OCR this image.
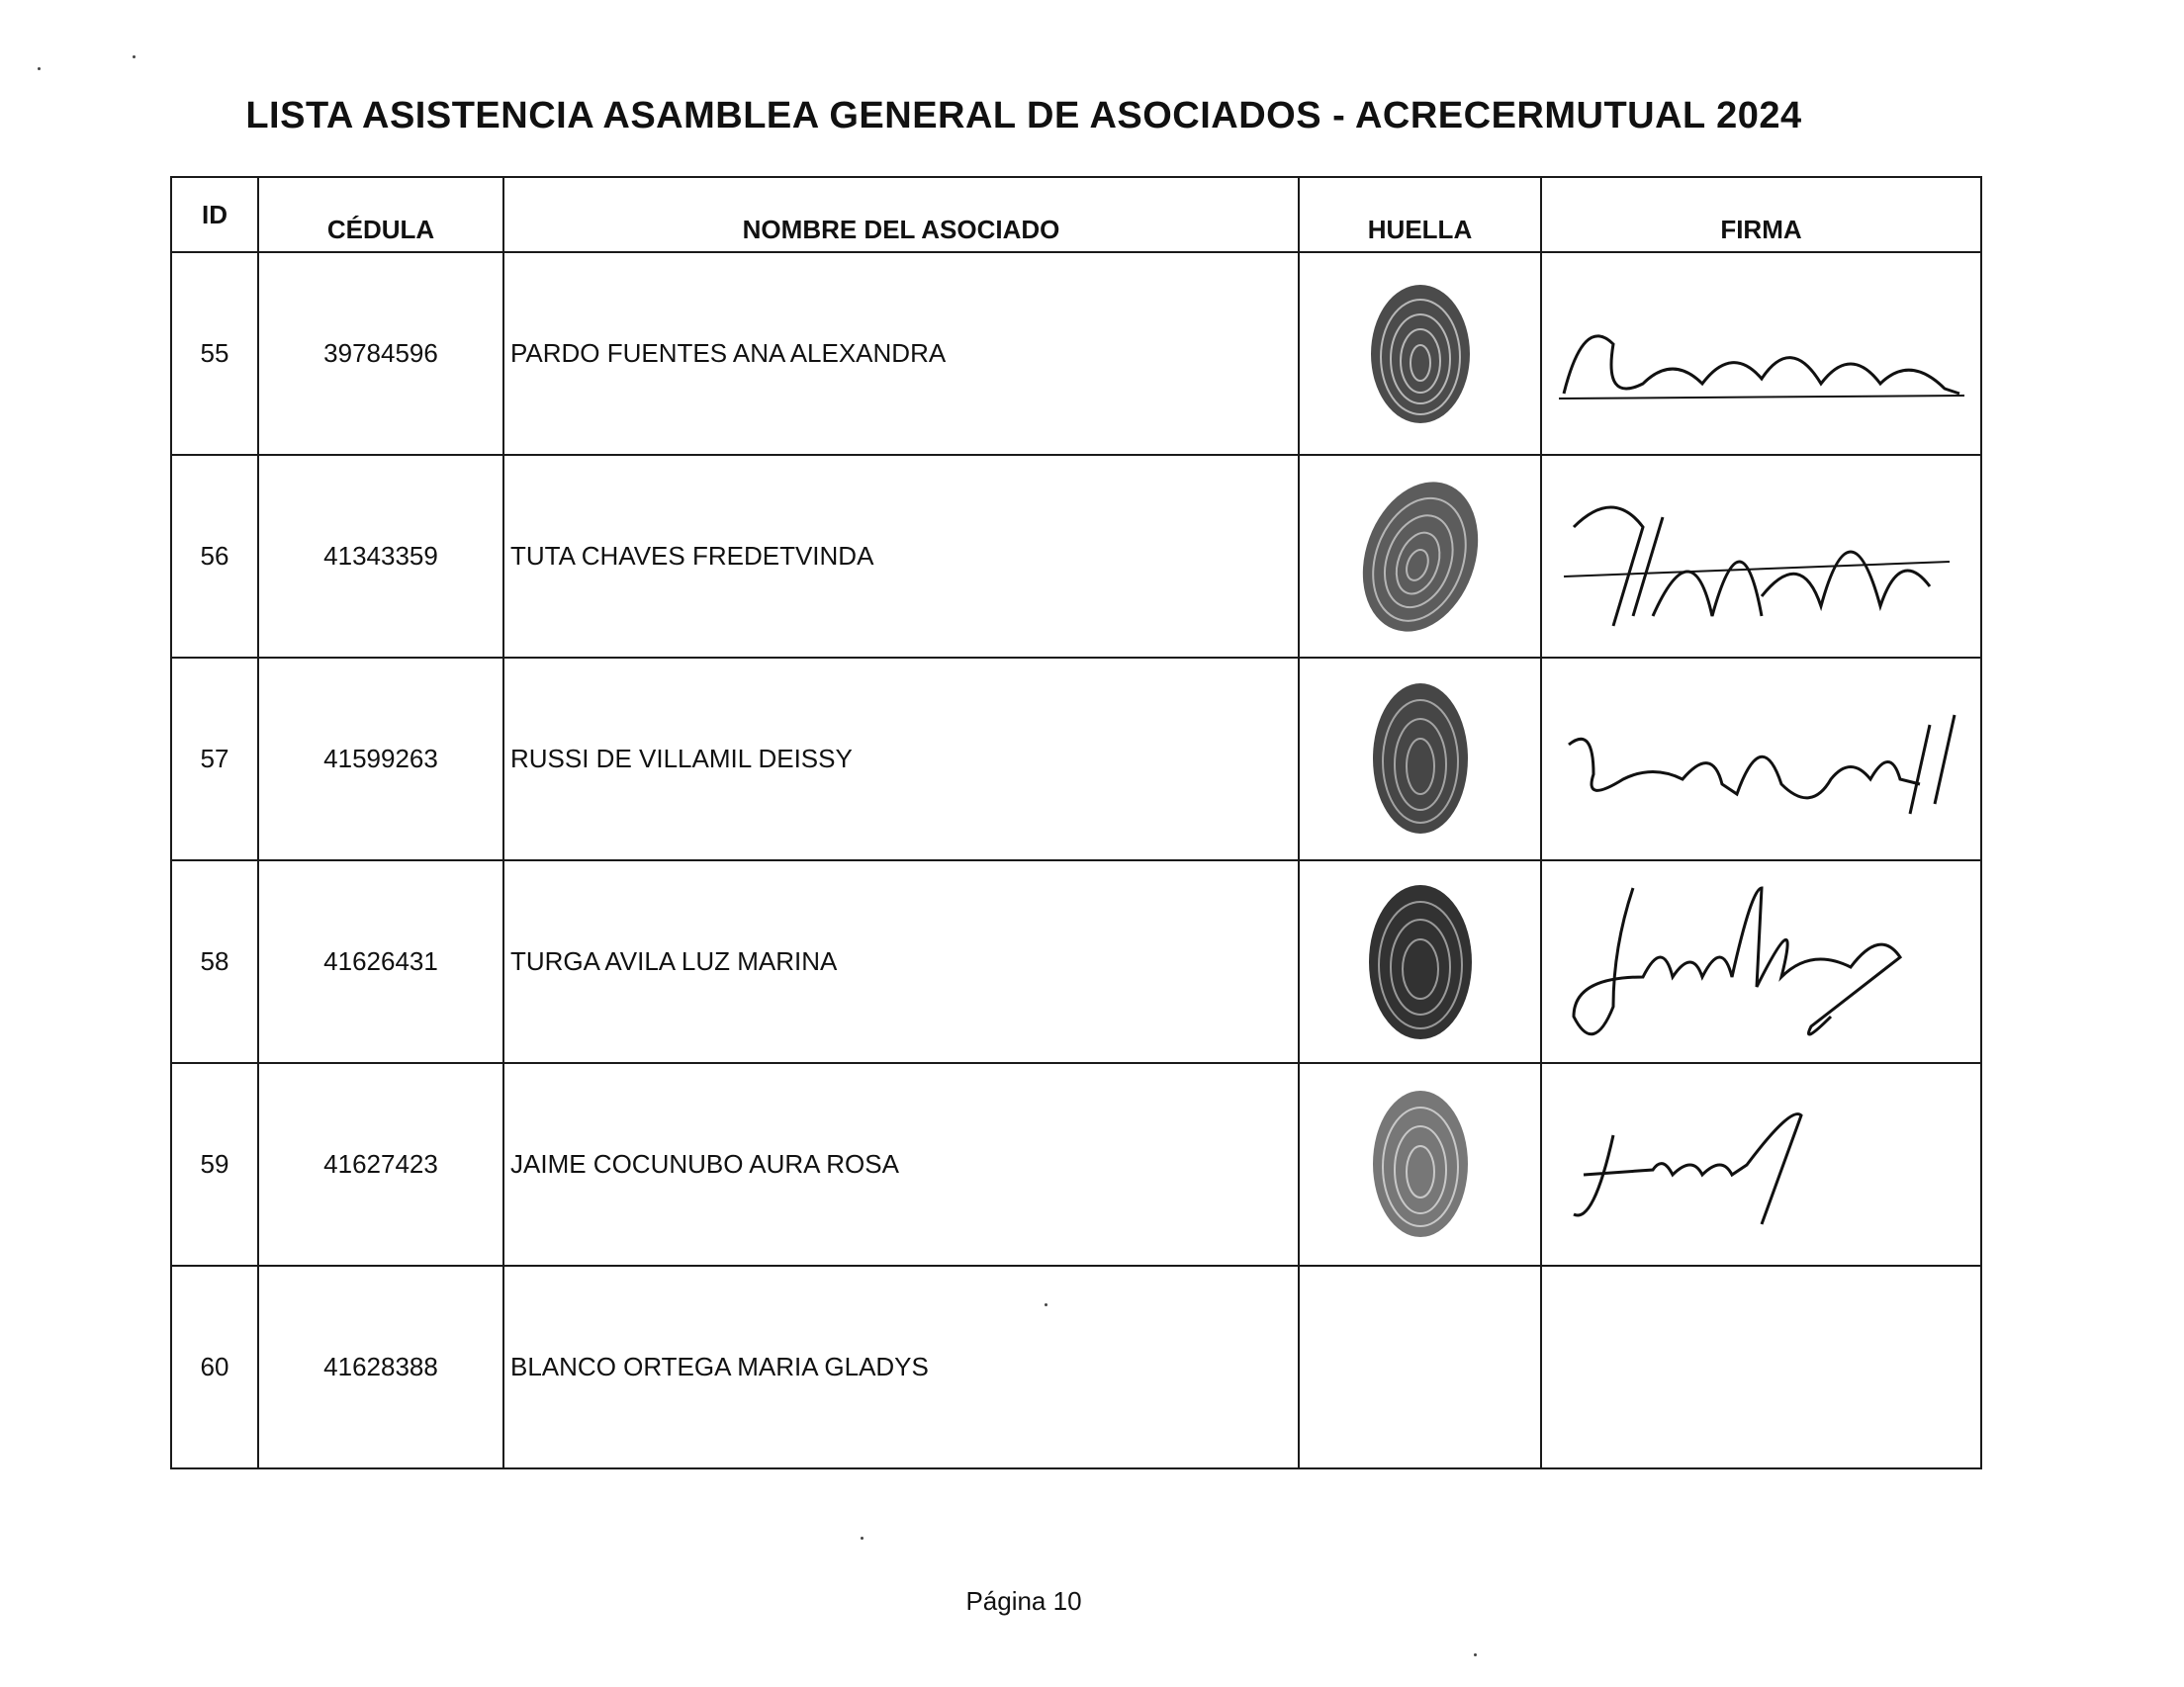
LISTA ASISTENCIA ASAMBLEA GENERAL DE ASOCIADOS - ACRECERMUTUAL 2024
ID	CÉDULA	NOMBRE DEL ASOCIADO	HUELLA	FIRMA
55	39784596	PARDO FUENTES ANA ALEXANDRA		

56	41343359	TUTA CHAVES FREDETVINDA		

57	41599263	RUSSI DE VILLAMIL DEISSY		

58	41626431	TURGA AVILA LUZ MARINA		

59	41627423	JAIME COCUNUBO AURA ROSA		

60	41628388	BLANCO ORTEGA MARIA GLADYS		
Página 10
